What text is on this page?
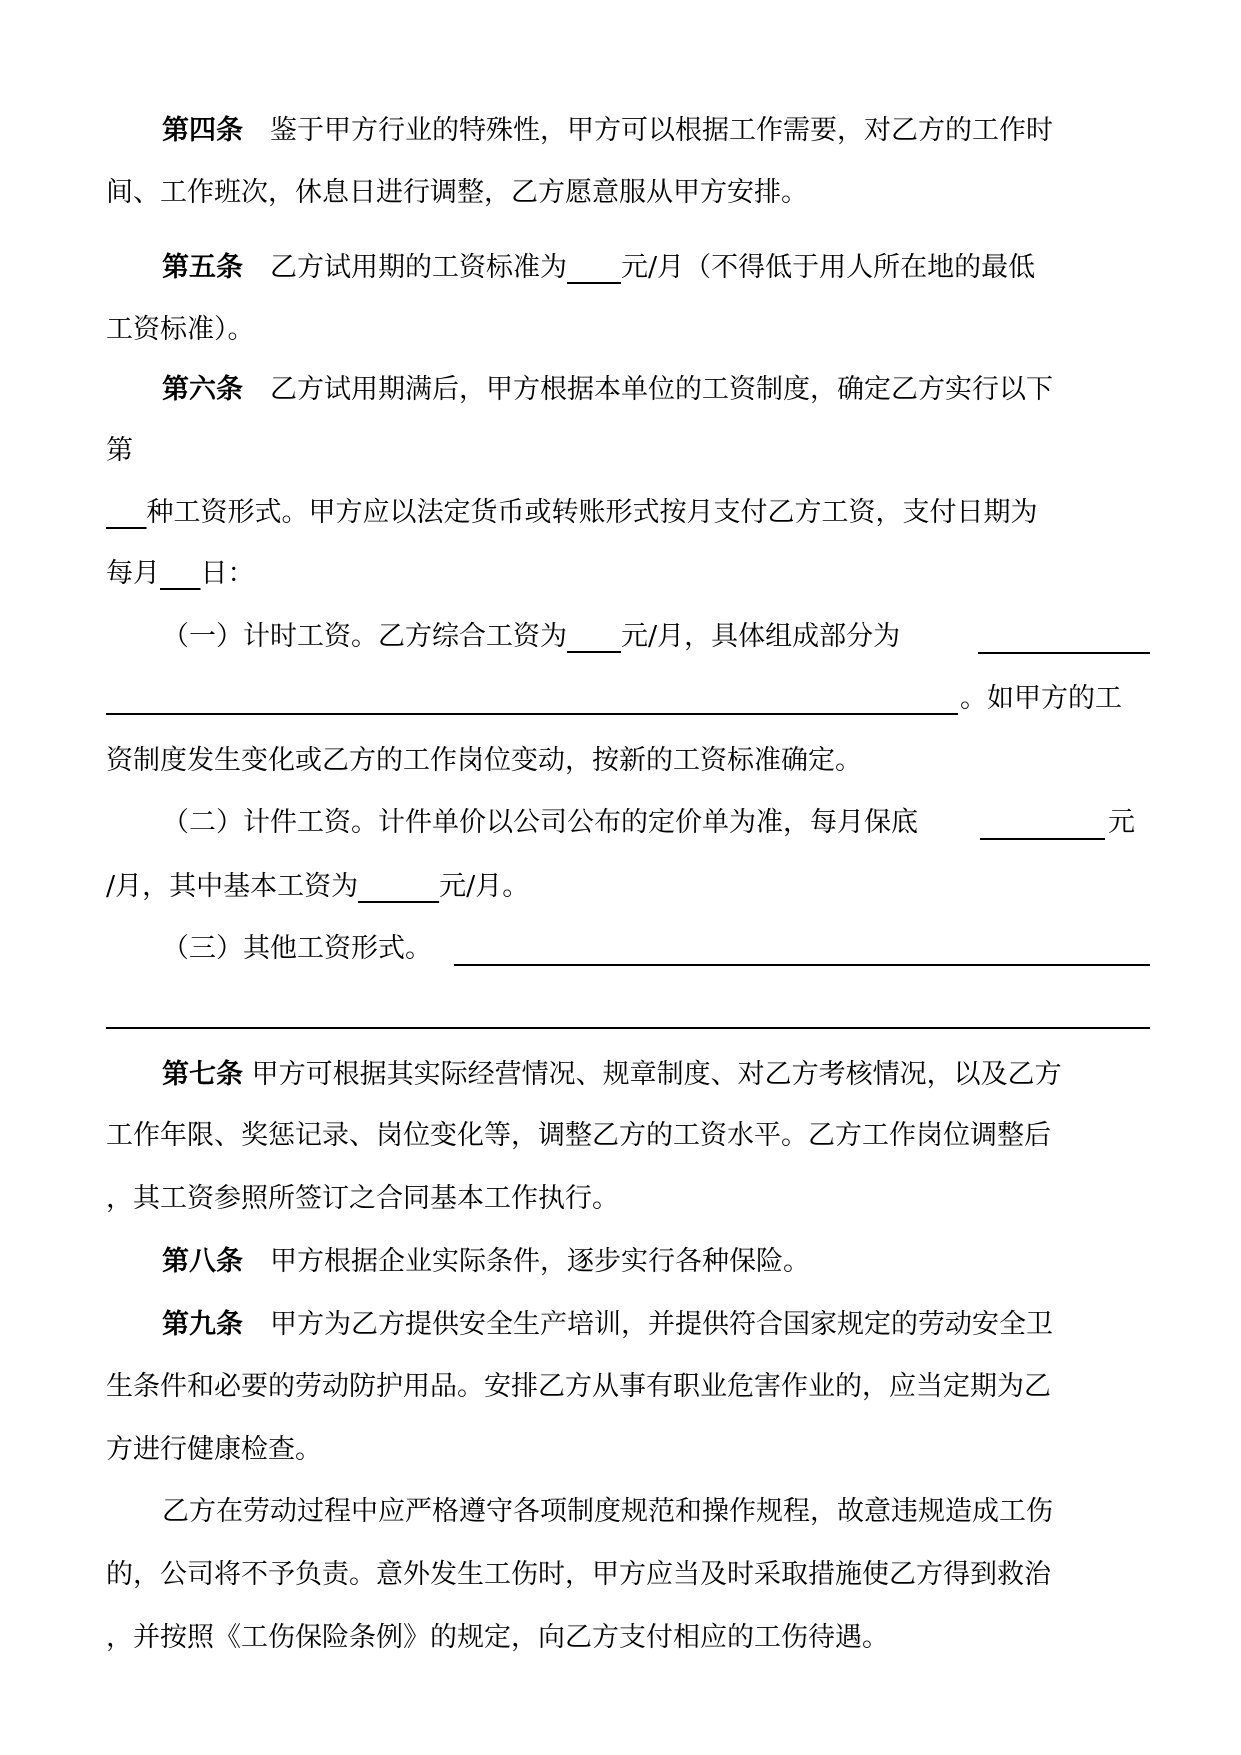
第四条  鉴于甲方行业的特殊性，甲方可以根据工作需要，对乙方的工作时
间、工作班次，休息日进行调整，乙方愿意服从甲方安排。
第五条  乙方试用期的工资标准为     元/月（不得低于用人所在地的最低
工资标准）。
第六条  乙方试用期满后，甲方根据本单位的工资制度，确定乙方实行以下
第
   种工资形式。甲方应以法定货币或转账形式按月支付乙方工资，支付日期为
每月    日：
（一）计时工资。乙方综合工资为     元/月，具体组成部分为
。如甲方的工
资制度发生变化或乙方的工作岗位变动，按新的工资标准确定。
（二）计件工资。计件单价以公司公布的定价单为准，每月保底	元
/月，其中基本工资为      	元/月。
（三）其他工资形式。
第七条 甲方可根据其实际经营情况、规章制度、对乙方考核情况，以及乙方
工作年限、奖惩记录、岗位变化等，调整乙方的工资水平。乙方工作岗位调整后
，其工资参照所签订之合同基本工作执行。
第八条  甲方根据企业实际条件，逐步实行各种保险。
第九条  甲方为乙方提供安全生产培训，并提供符合国家规定的劳动安全卫
生条件和必要的劳动防护用品。安排乙方从事有职业危害作业的，应当定期为乙
方进行健康检查。
乙方在劳动过程中应严格遵守各项制度规范和操作规程，故意违规造成工伤
的，公司将不予负责。意外发生工伤时，甲方应当及时采取措施使乙方得到救治
，并按照《工伤保险条例》的规定，向乙方支付相应的工伤待遇。
